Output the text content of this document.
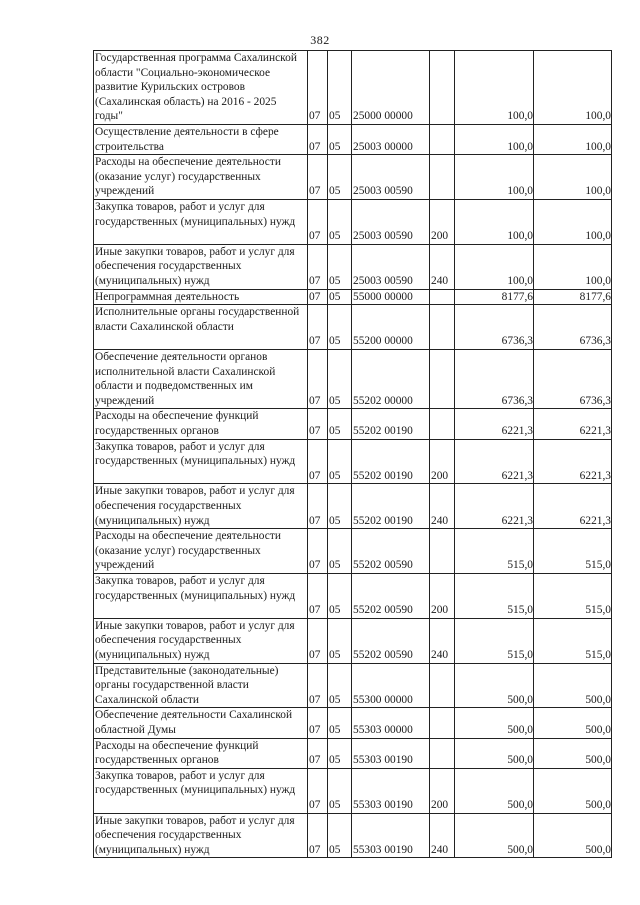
382
Государственная программа Сахалинской области "Социально-экономическое развитие Курильских островов (Сахалинская область) на 2016 - 2025 годы"	07	05	25000 00000		100,0	100,0

Осуществление деятельности в сфере строительства	07	05	25003 00000		100,0	100,0

Расходы на обеспечение деятельности (оказание услуг) государственных учреждений	07	05	25003 00590		100,0	100,0

Закупка товаров, работ и услуг для государственных (муниципальных) нужд	07	05	25003 00590	200	100,0	100,0

Иные закупки товаров, работ и услуг для обеспечения государственных (муниципальных) нужд	07	05	25003 00590	240	100,0	100,0

Непрограммная деятельность	07	05	55000 00000		8177,6	8177,6

Исполнительные органы государственной власти Сахалинской области	07	05	55200 00000		6736,3	6736,3

Обеспечение деятельности органов исполнительной власти Сахалинской области и подведомственных им учреждений	07	05	55202 00000		6736,3	6736,3

Расходы на обеспечение функций государственных органов	07	05	55202 00190		6221,3	6221,3

Закупка товаров, работ и услуг для государственных (муниципальных) нужд	07	05	55202 00190	200	6221,3	6221,3

Иные закупки товаров, работ и услуг для обеспечения государственных (муниципальных) нужд	07	05	55202 00190	240	6221,3	6221,3

Расходы на обеспечение деятельности (оказание услуг) государственных учреждений	07	05	55202 00590		515,0	515,0

Закупка товаров, работ и услуг для государственных (муниципальных) нужд	07	05	55202 00590	200	515,0	515,0

Иные закупки товаров, работ и услуг для обеспечения государственных (муниципальных) нужд	07	05	55202 00590	240	515,0	515,0

Представительные (законодательные) органы государственной власти Сахалинской области	07	05	55300 00000		500,0	500,0

Обеспечение деятельности Сахалинской областной Думы	07	05	55303 00000		500,0	500,0

Расходы на обеспечение функций государственных органов	07	05	55303 00190		500,0	500,0

Закупка товаров, работ и услуг для государственных (муниципальных) нужд	07	05	55303 00190	200	500,0	500,0

Иные закупки товаров, работ и услуг для обеспечения государственных (муниципальных) нужд	07	05	55303 00190	240	500,0	500,0
